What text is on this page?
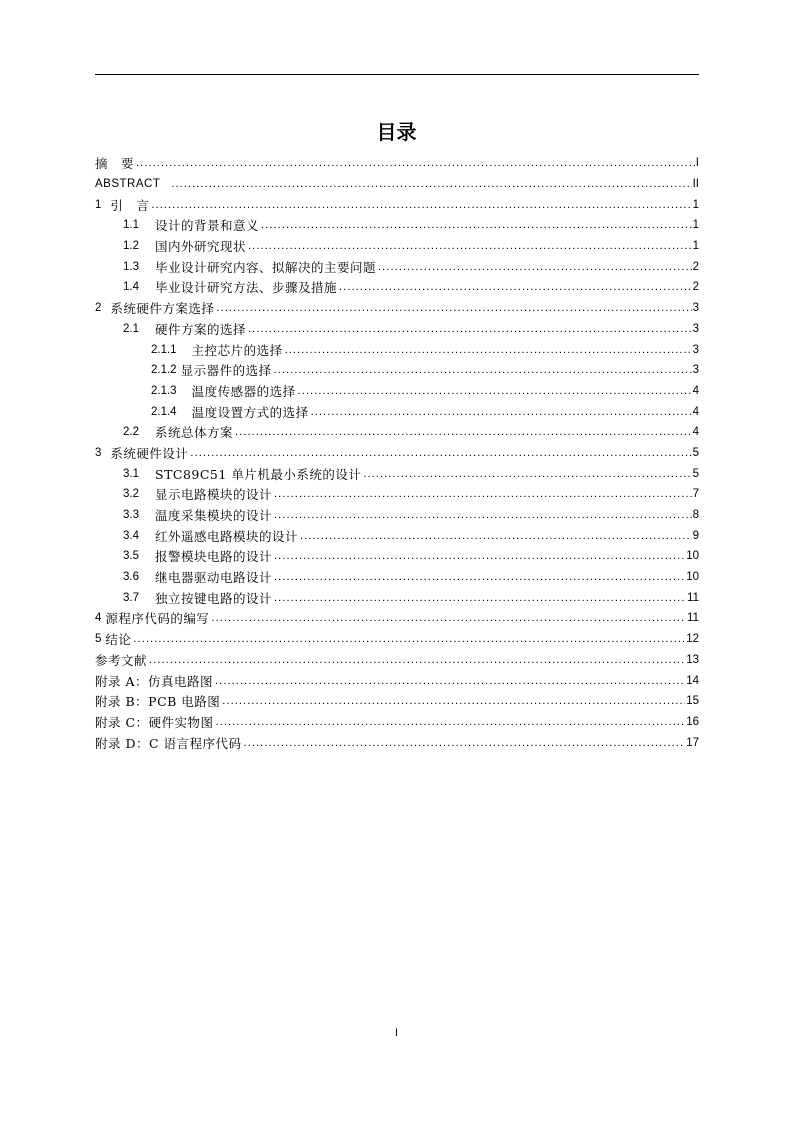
目录
摘　要 .....	I
ABSTRACT .....	II
1 引　言 .....	1
1.1 设计的背景和意义 .....	1
1.2 国内外研究现状 .....	1
1.3 毕业设计研究内容、拟解决的主要问题 .....	2
1.4 毕业设计研究方法、步骤及措施 .....	2
2 系统硬件方案选择 .....	3
2.1 硬件方案的选择 .....	3
2.1.1 主控芯片的选择 .....	3
2.1.2 显示器件的选择 .....	3
2.1.3 温度传感器的选择 .....	4
2.1.4 温度设置方式的选择 .....	4
2.2 系统总体方案 .....	4
3 系统硬件设计 .....	5
3.1 STC89C51 单片机最小系统的设计 .....	5
3.2 显示电路模块的设计 .....	7
3.3 温度采集模块的设计 .....	8
3.4 红外遥感电路模块的设计 .....	9
3.5 报警模块电路的设计 .....	10
3.6 继电器驱动电路设计 .....	10
3.7 独立按键电路的设计 .....	11
4 源程序代码的编写 .....	11
5 结论 .....	12
参考文献 .....	13
附录 A：仿真电路图 .....	14
附录 B：PCB 电路图 .....	15
附录 C：硬件实物图 .....	16
附录 D：C 语言程序代码 .....	17
I
